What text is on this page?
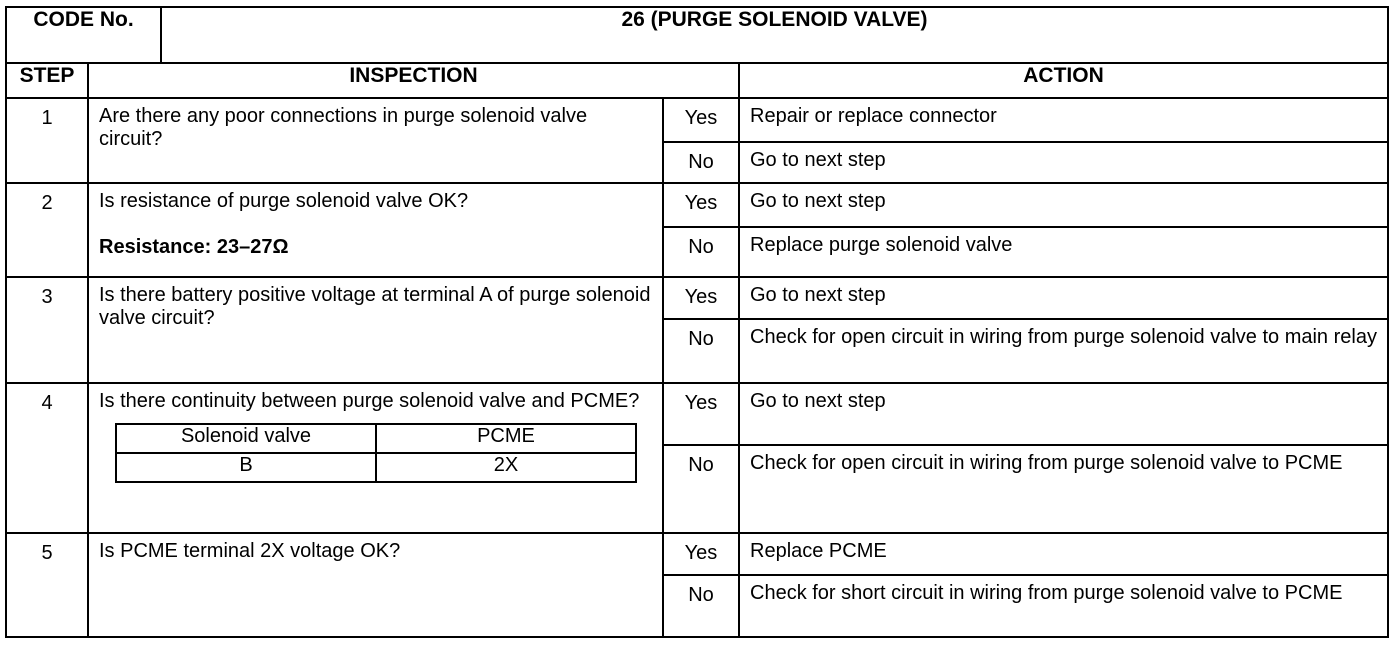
CODE No.	26 (PURGE SOLENOID VALVE)
STEP	INSPECTION	ACTION
1	Are there any poor connections in purge solenoid valve circuit?	Yes	Repair or replace connector
No	Go to next step
2	Is resistance of purge solenoid valve OK?
Resistance: 23–27Ω
	Yes	Go to next step
No	Replace purge solenoid valve
3	Is there battery positive voltage at terminal A of purge solenoid valve circuit?	Yes	Go to next step
No	Check for open circuit in wiring from purge solenoid valve to main relay
4	Is there continuity between purge solenoid valve and PCME?
Solenoid valve	PCME
B	2X
	Yes	Go to next step
No	Check for open circuit in wiring from purge solenoid valve to PCME
5	Is PCME terminal 2X voltage OK?	Yes	Replace PCME
No	Check for short circuit in wiring from purge solenoid valve to PCME
